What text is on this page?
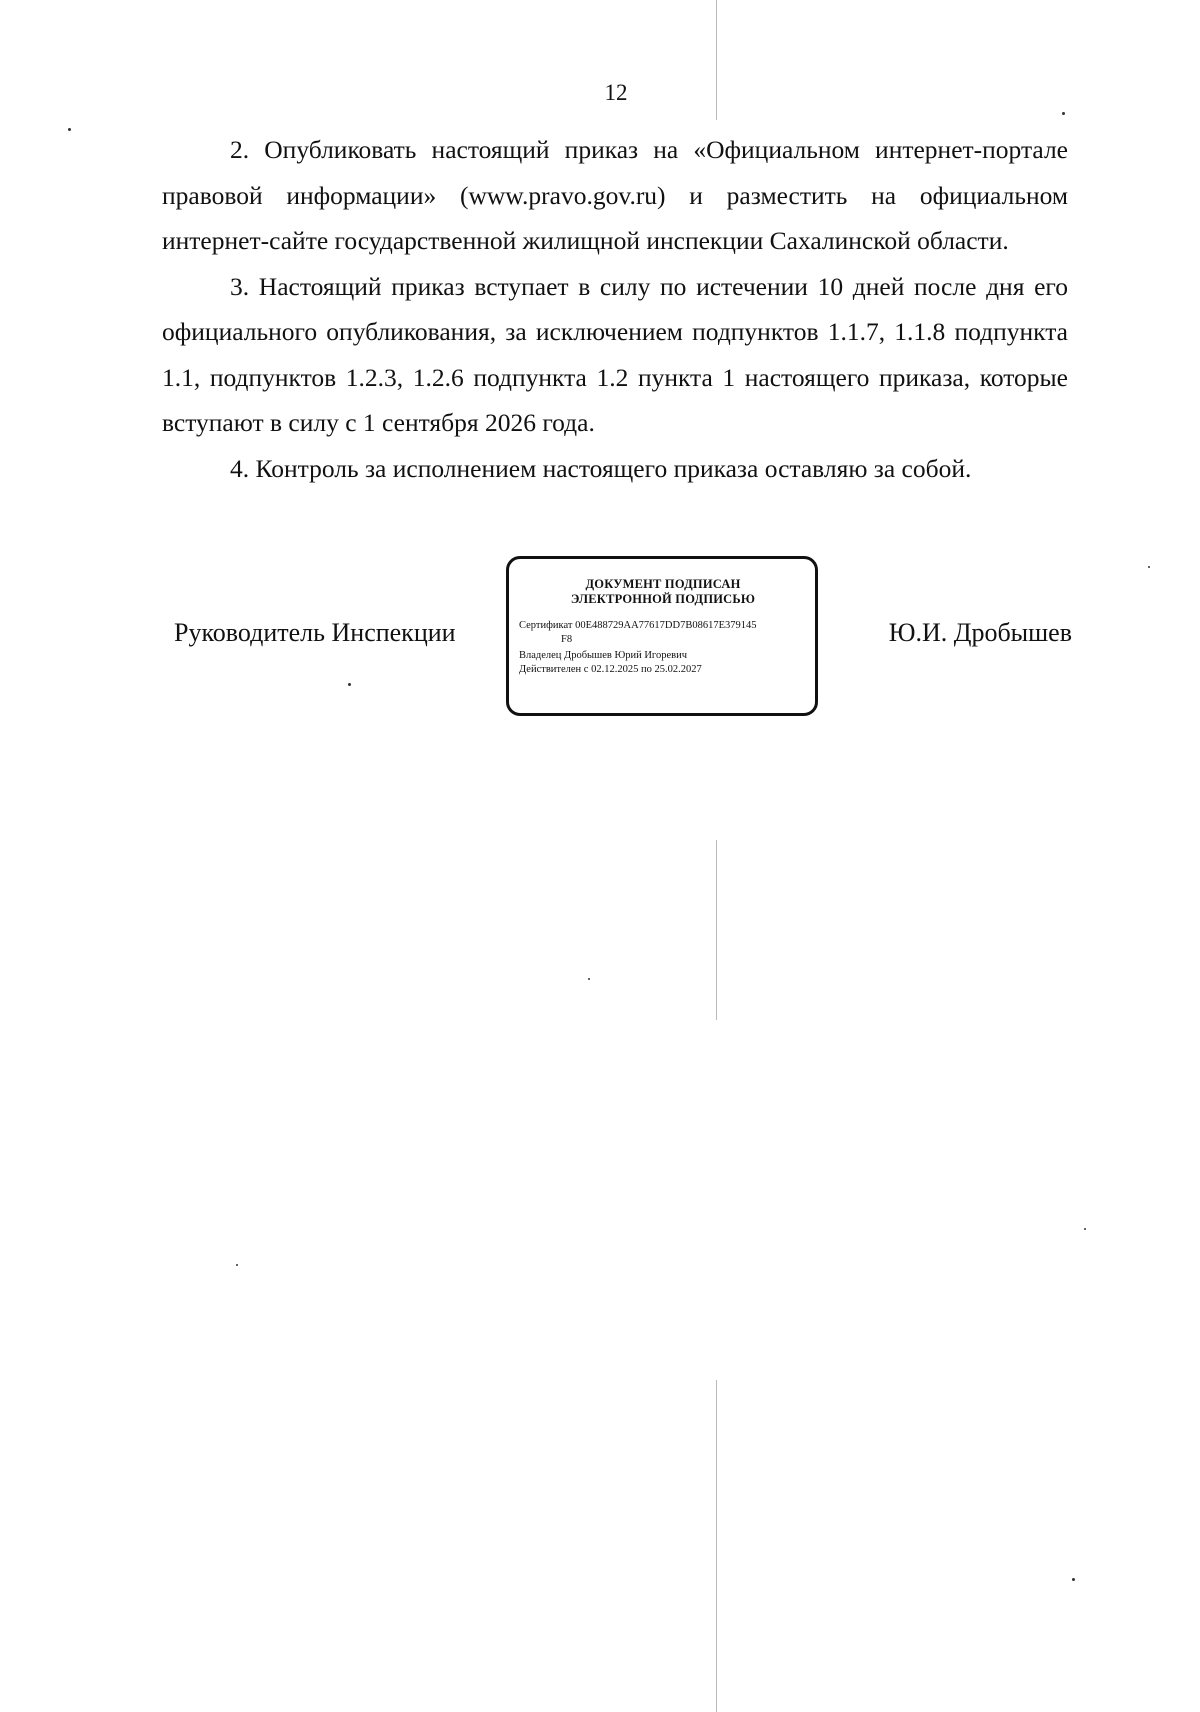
12

2. Опубликовать настоящий приказ на «Официальном интернет-портале правовой информации» (www.pravo.gov.ru) и разместить на официальном интернет-сайте государственной жилищной инспекции Сахалинской области.

3. Настоящий приказ вступает в силу по истечении 10 дней после дня его официального опубликования, за исключением подпунктов 1.1.7, 1.1.8 подпункта 1.1, подпунктов 1.2.3, 1.2.6 подпункта 1.2 пункта 1 настоящего приказа, которые вступают в силу с 1 сентября 2026 года.

4. Контроль за исполнением настоящего приказа оставляю за собой.

Руководитель Инспекции	Ю.И. Дробышев
ДОКУМЕНТ ПОДПИСАН
ЭЛЕКТРОННОЙ ПОДПИСЬЮ
Сертификат 00E488729AA77617DD7B08617E379145
F8
Владелец Дробышев Юрий Игоревич
Действителен с 02.12.2025 по 25.02.2027
